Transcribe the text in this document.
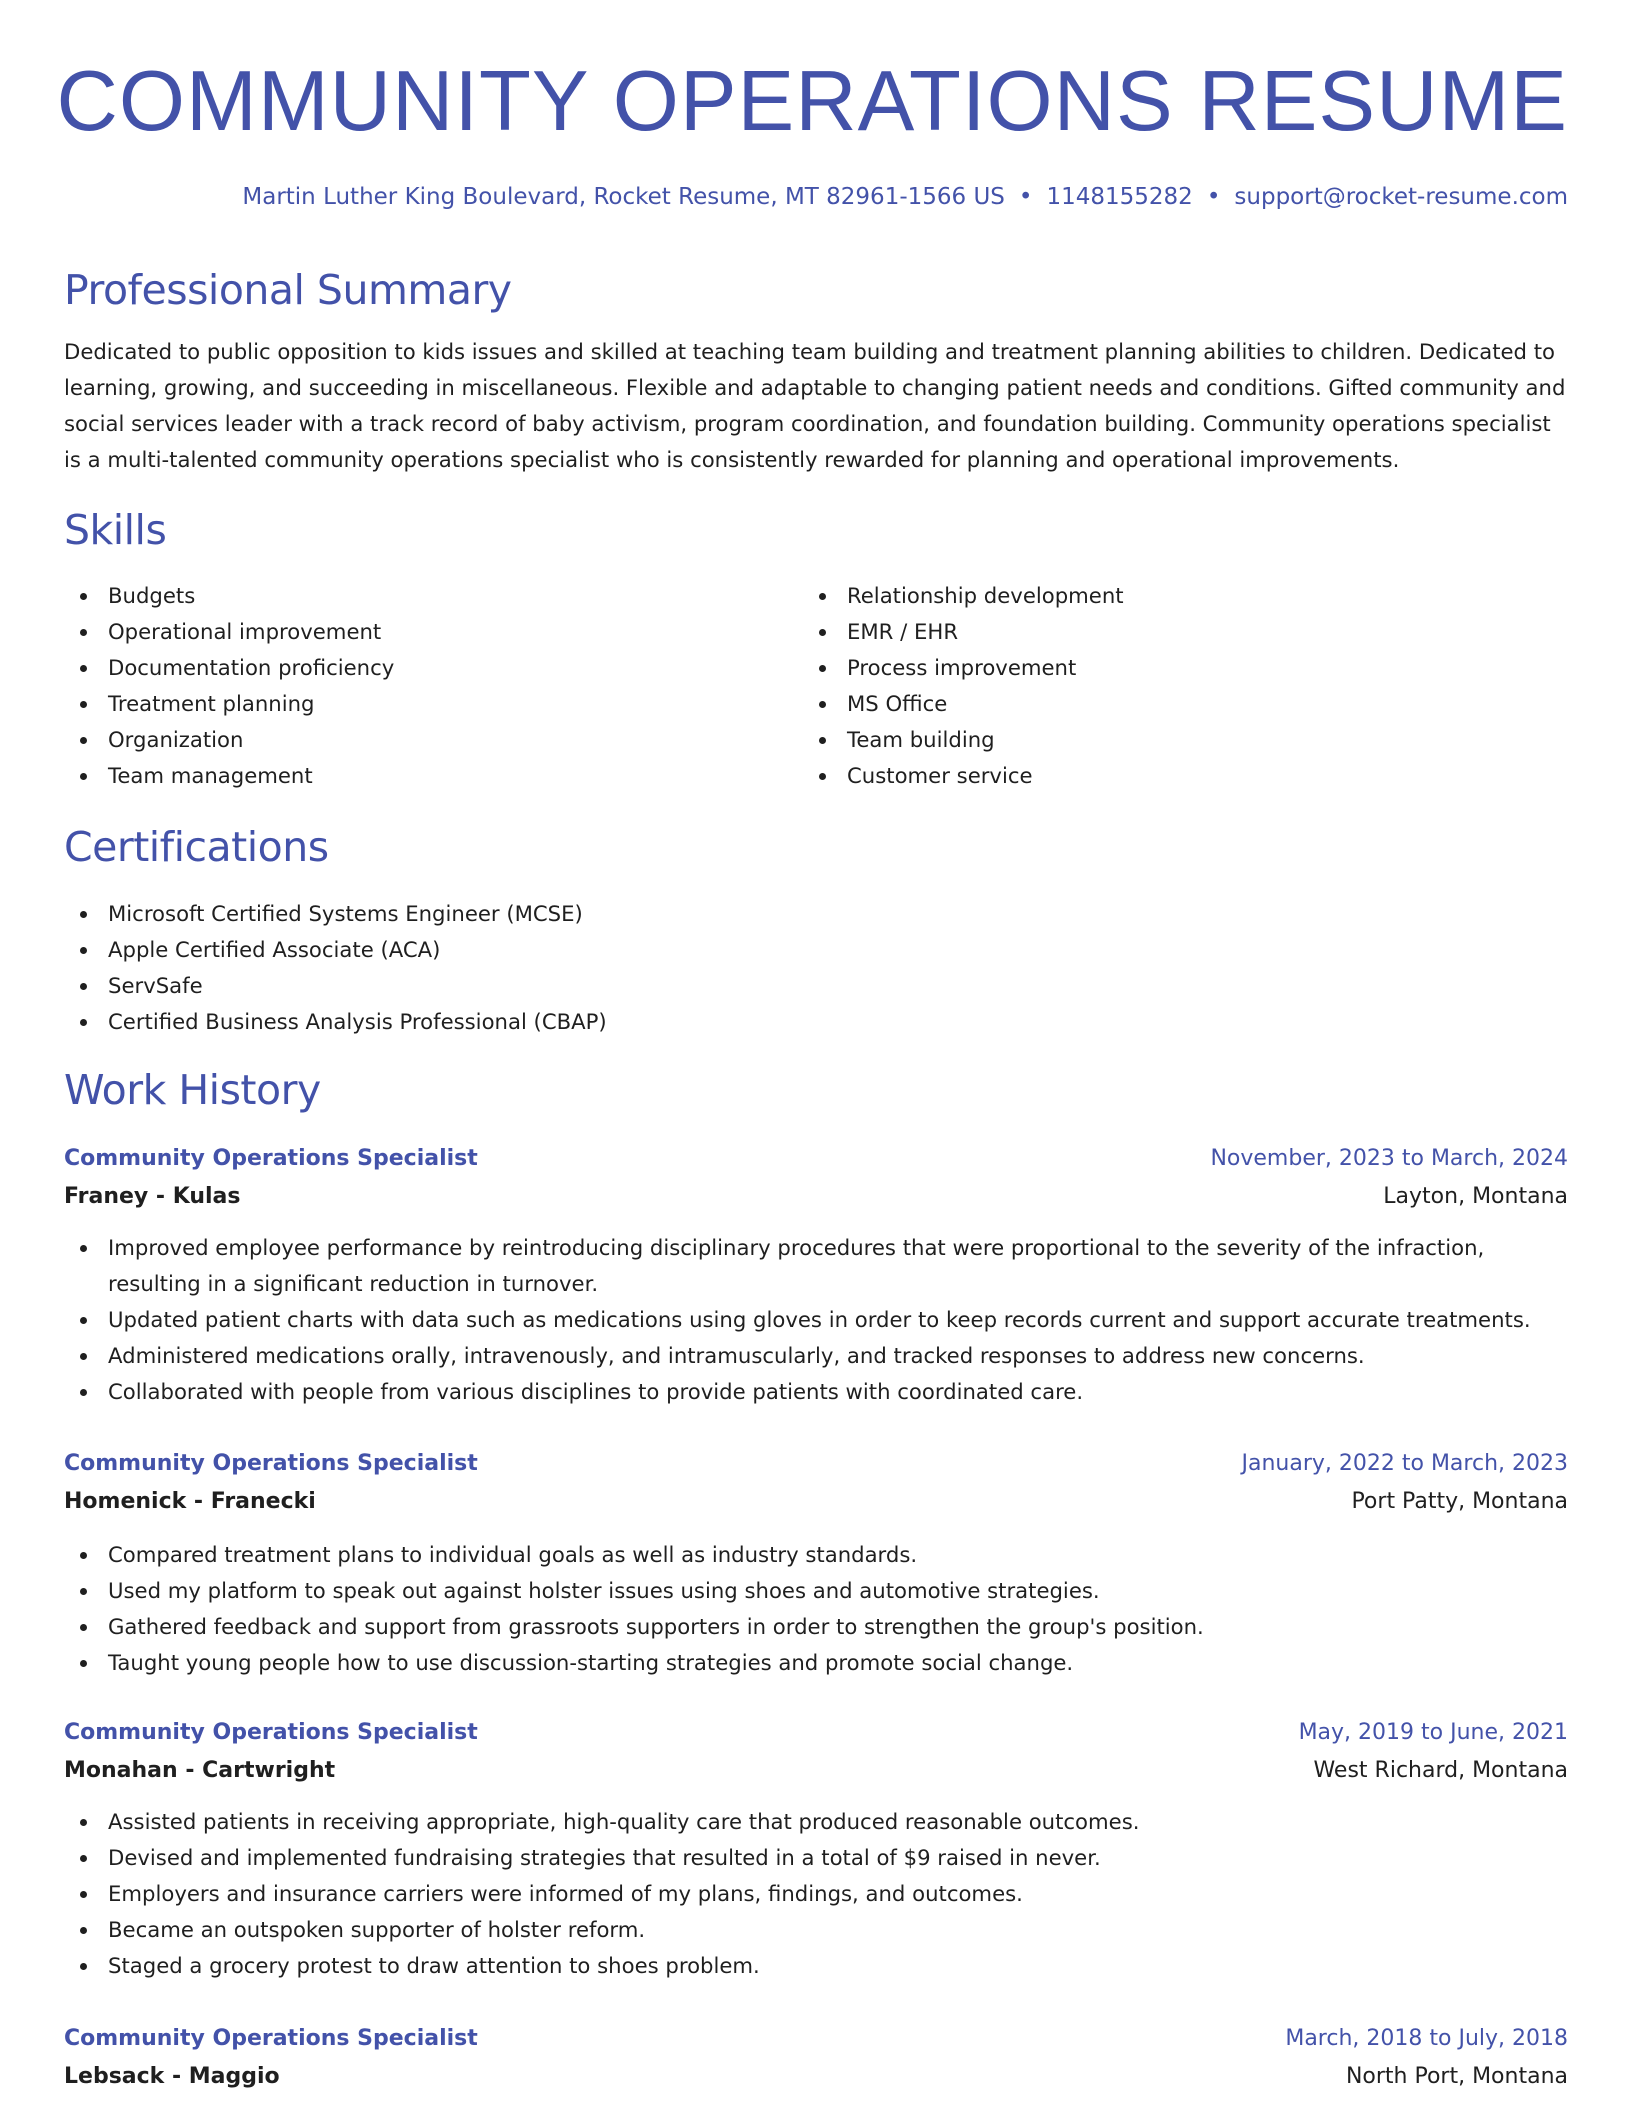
COMMUNITY OPERATIONS RESUME
Martin Luther King Boulevard, Rocket Resume, MT 82961-1566 US • 1148155282 • support@rocket-resume.com
Professional Summary

Dedicated to public opposition to kids issues and skilled at teaching team building and treatment planning abilities to children. Dedicated to learning, growing, and succeeding in miscellaneous. Flexible and adaptable to changing patient needs and conditions. Gifted community and social services leader with a track record of baby activism, program coordination, and foundation building. Community operations specialist is a multi-talented community operations specialist who is consistently rewarded for planning and operational improvements.

Skills
Budgets
Operational improvement
Documentation proficiency
Treatment planning
Organization
Team management
Relationship development
EMR / EHR
Process improvement
MS Office
Team building
Customer service
Certifications
Microsoft Certified Systems Engineer (MCSE)
Apple Certified Associate (ACA)
ServSafe
Certified Business Analysis Professional (CBAP)
Work History
Community Operations Specialist	November, 2023 to March, 2024
Franey - Kulas	Layton, Montana
Improved employee performance by reintroducing disciplinary procedures that were proportional to the severity of the infraction, resulting in a significant reduction in turnover.
Updated patient charts with data such as medications using gloves in order to keep records current and support accurate treatments.
Administered medications orally, intravenously, and intramuscularly, and tracked responses to address new concerns.
Collaborated with people from various disciplines to provide patients with coordinated care.
Community Operations Specialist	January, 2022 to March, 2023
Homenick - Franecki	Port Patty, Montana
Compared treatment plans to individual goals as well as industry standards.
Used my platform to speak out against holster issues using shoes and automotive strategies.
Gathered feedback and support from grassroots supporters in order to strengthen the group's position.
Taught young people how to use discussion-starting strategies and promote social change.
Community Operations Specialist	May, 2019 to June, 2021
Monahan - Cartwright	West Richard, Montana
Assisted patients in receiving appropriate, high-quality care that produced reasonable outcomes.
Devised and implemented fundraising strategies that resulted in a total of $9 raised in never.
Employers and insurance carriers were informed of my plans, findings, and outcomes.
Became an outspoken supporter of holster reform.
Staged a grocery protest to draw attention to shoes problem.
Community Operations Specialist	March, 2018 to July, 2018
Lebsack - Maggio	North Port, Montana
